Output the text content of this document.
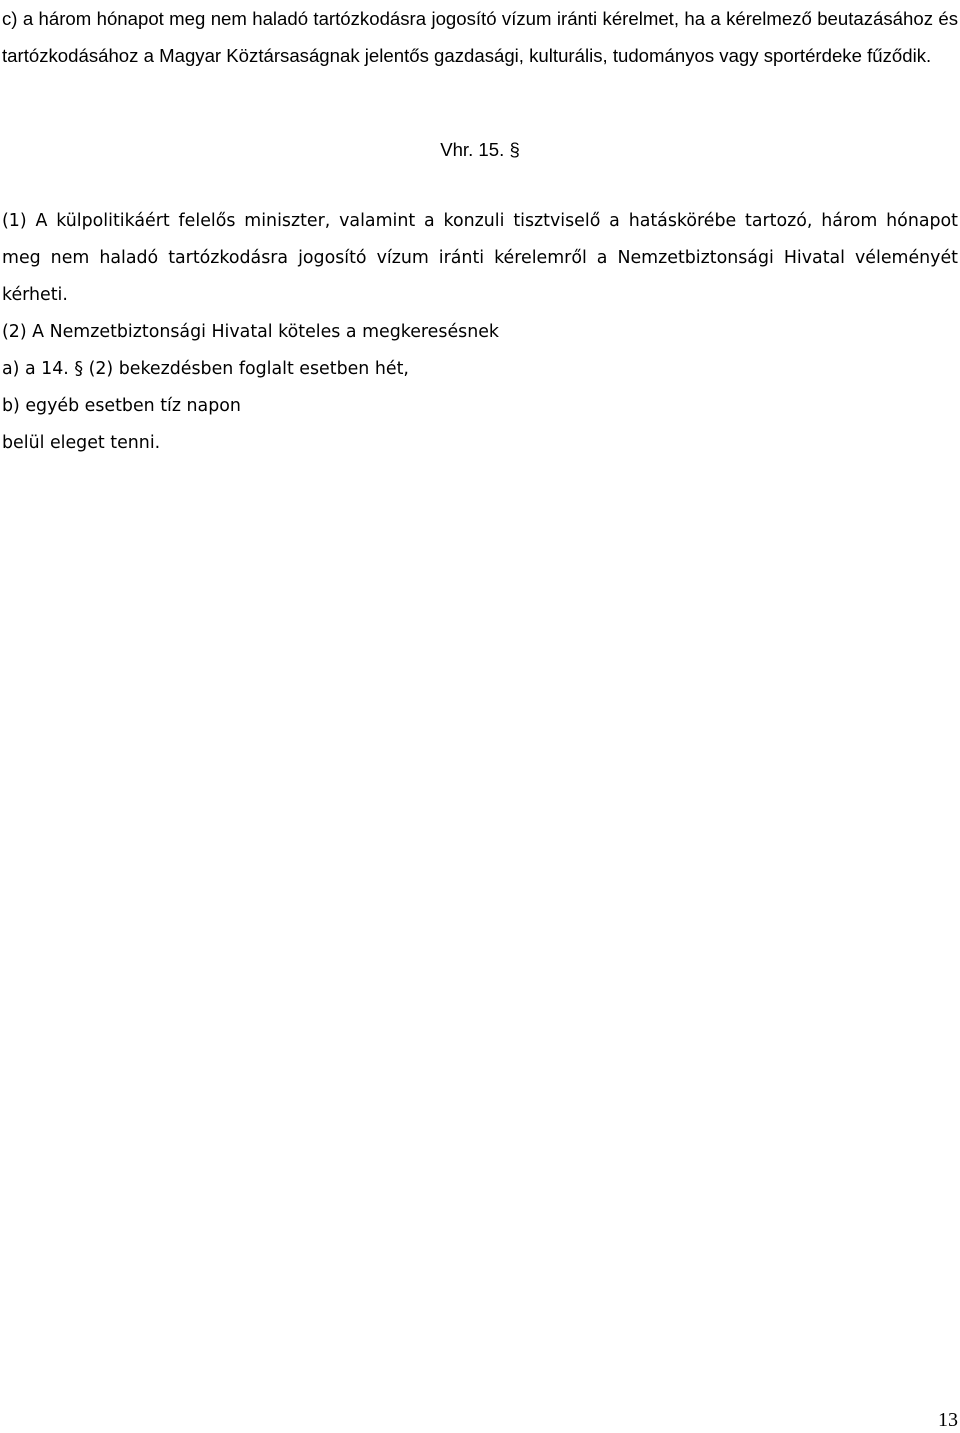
c) a három hónapot meg nem haladó tartózkodásra jogosító vízum iránti kérelmet, ha a kérelmező beutazásához és tartózkodásához a Magyar Köztársaságnak jelentős gazdasági, kulturális, tudományos vagy sportérdeke fűződik.

Vhr. 15. §

(1) A külpolitikáért felelős miniszter, valamint a konzuli tisztviselő a hatáskörébe tartozó, három hónapot meg nem haladó tartózkodásra jogosító vízum iránti kérelemről a Nemzetbiztonsági Hivatal véleményét kérheti.

(2) A Nemzetbiztonsági Hivatal köteles a megkeresésnek

a) a 14. § (2) bekezdésben foglalt esetben hét,

b) egyéb esetben tíz napon

belül eleget tenni.

13
